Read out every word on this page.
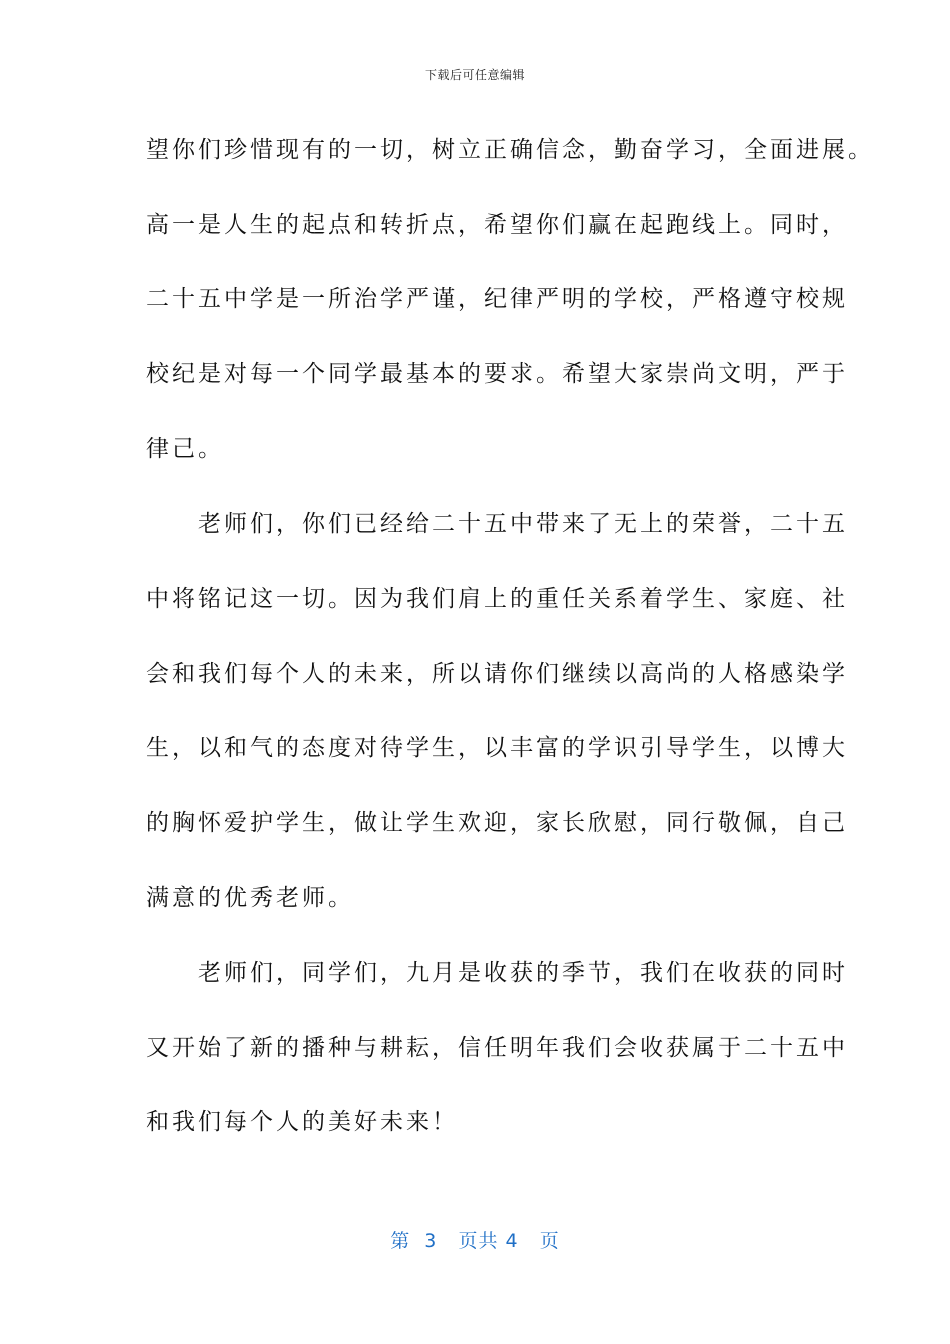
下载后可任意编辑
望你们珍惜现有的一切，树立正确信念，勤奋学习，全面进展。
高一是人生的起点和转折点，希望你们赢在起跑线上。同时，
二十五中学是一所治学严谨，纪律严明的学校，严格遵守校规
校纪是对每一个同学最基本的要求。希望大家崇尚文明，严于
律己。
　　老师们，你们已经给二十五中带来了无上的荣誉，二十五
中将铭记这一切。因为我们肩上的重任关系着学生、家庭、社
会和我们每个人的未来，所以请你们继续以高尚的人格感染学
生，以和气的态度对待学生，以丰富的学识引导学生，以博大
的胸怀爱护学生，做让学生欢迎，家长欣慰，同行敬佩，自己
满意的优秀老师。
　　老师们，同学们，九月是收获的季节，我们在收获的同时
又开始了新的播种与耕耘，信任明年我们会收获属于二十五中
和我们每个人的美好未来！
第  3   页共 4   页
